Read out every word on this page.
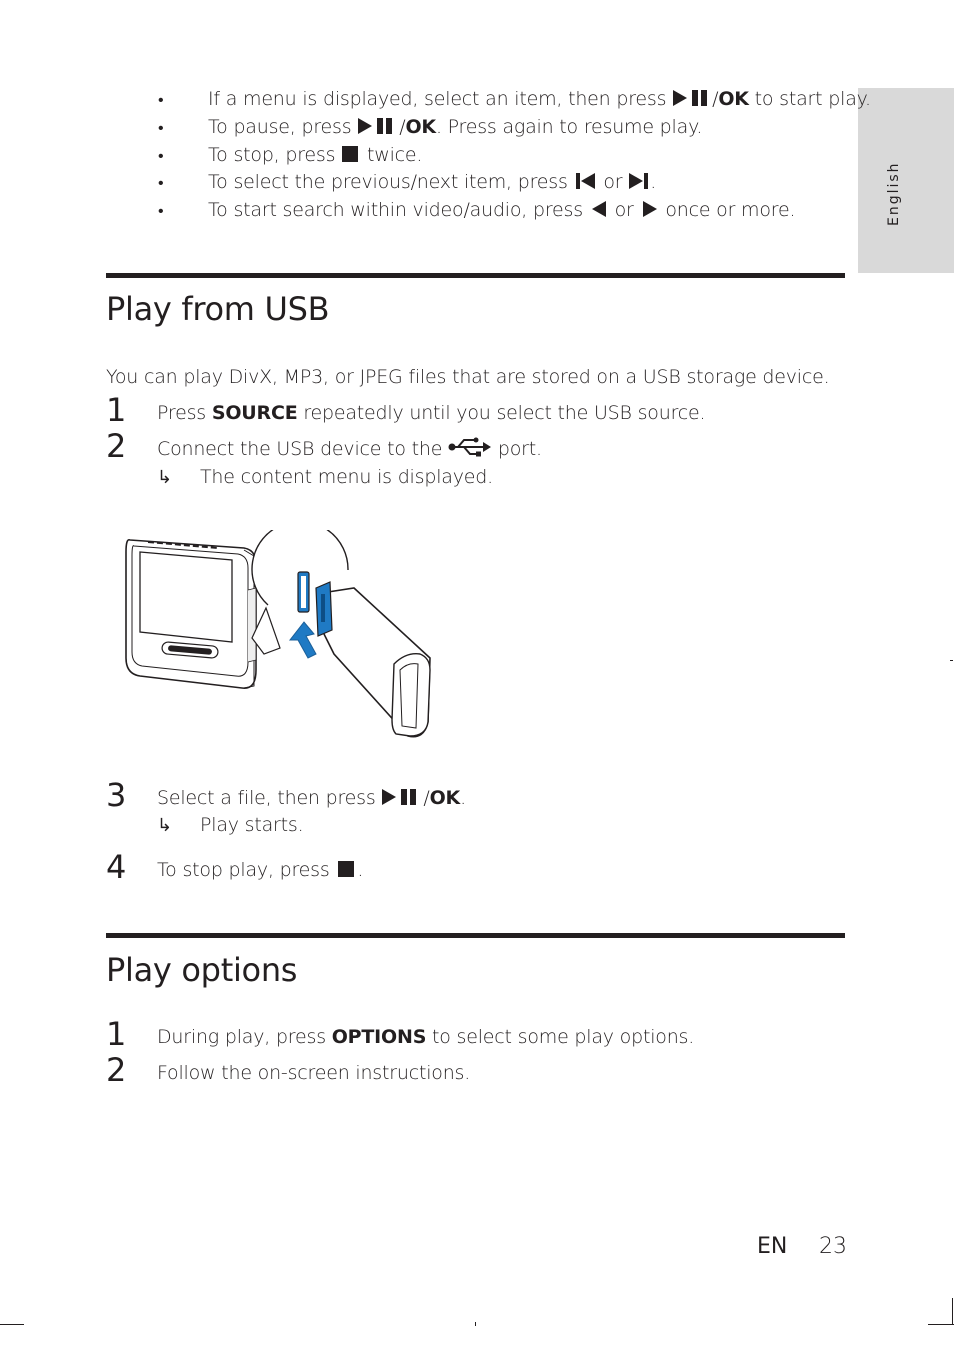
English
• If a menu is displayed, select an item, then press /OK to start play.
• To pause, press /OK. Press again to resume play.
• To stop, press  twice.
• To select the previous/next item, press  or .
• To start search within video/audio, press  or  once or more.
Play from USB
You can play DivX, MP3, or JPEG files that are stored on a USB storage device.
1 Press SOURCE repeatedly until you select the USB source.
2 Connect the USB device to the  port.
↳ The content menu is displayed.
3 Select a file, then press /OK.
↳ Play starts.
4 To stop play, press .
Play options
1 During play, press OPTIONS to select some play options.
2 Follow the on-screen instructions.
EN 23
